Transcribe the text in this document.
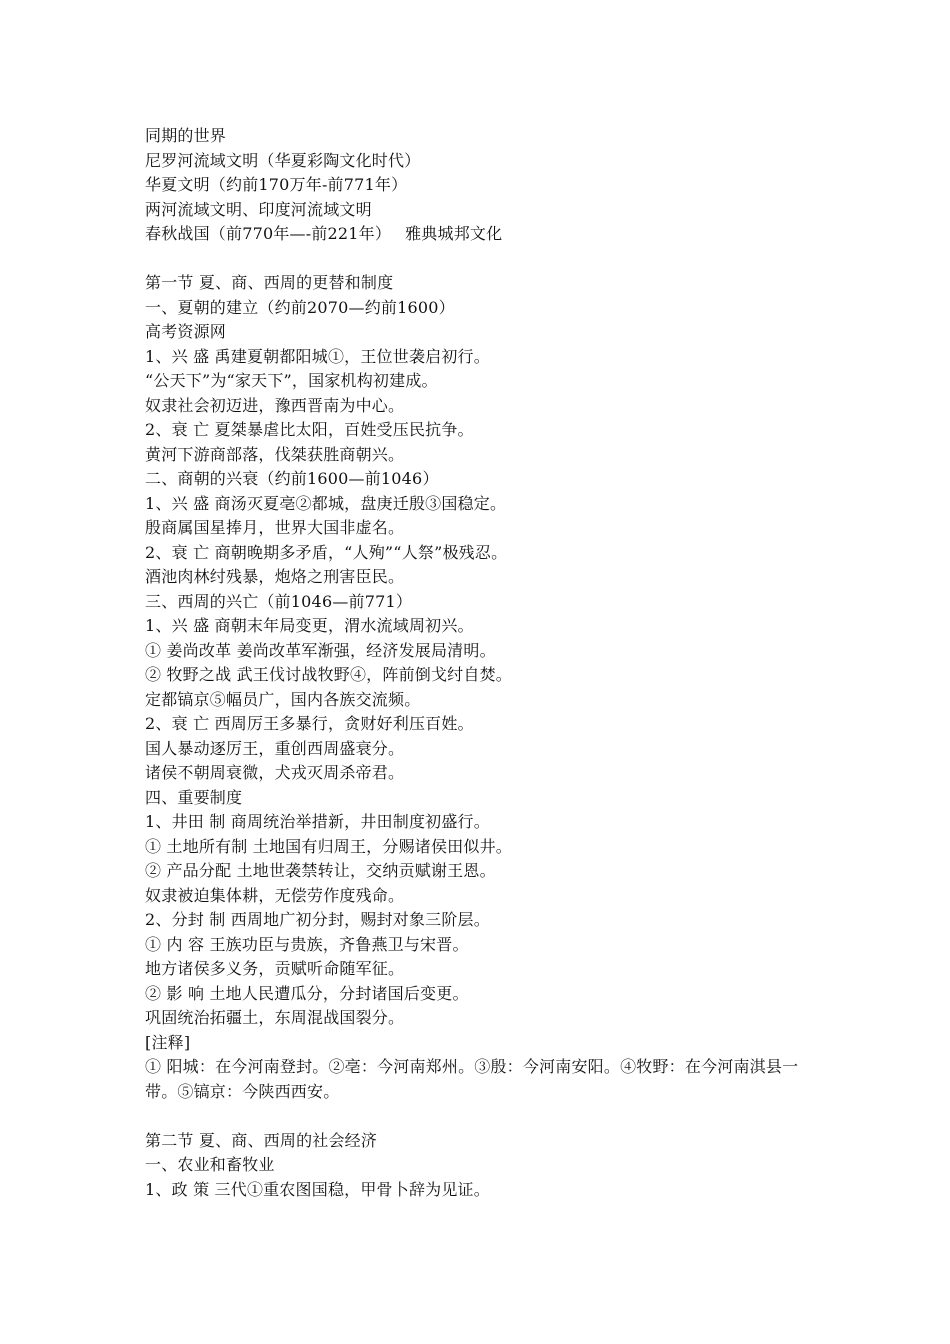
同期的世界
尼罗河流域文明（华夏彩陶文化时代）
华夏文明（约前170万年-前771年）
两河流域文明、印度河流域文明
春秋战国（前770年—-前221年） 雅典城邦文化
第一节 夏、商、西周的更替和制度
一、夏朝的建立（约前2070—约前1600）
高考资源网
1、兴 盛 禹建夏朝都阳城①，王位世袭启初行。
“公天下”为“家天下”，国家机构初建成。
奴隶社会初迈进，豫西晋南为中心。
2、衰 亡 夏桀暴虐比太阳，百姓受压民抗争。
黄河下游商部落，伐桀获胜商朝兴。
二、商朝的兴衰（约前1600—前1046）
1、兴 盛 商汤灭夏亳②都城，盘庚迁殷③国稳定。
殷商属国星捧月，世界大国非虚名。
2、衰 亡 商朝晚期多矛盾，“人殉”“人祭”极残忍。
酒池肉林纣残暴，炮烙之刑害臣民。
三、西周的兴亡（前1046—前771）
1、兴 盛 商朝末年局变更，渭水流域周初兴。
① 姜尚改革 姜尚改革军渐强，经济发展局清明。
② 牧野之战 武王伐讨战牧野④，阵前倒戈纣自焚。
定都镐京⑤幅员广，国内各族交流频。
2、衰 亡 西周厉王多暴行，贪财好利压百姓。
国人暴动逐厉王，重创西周盛衰分。
诸侯不朝周衰微，犬戎灭周杀帝君。
四、重要制度
1、井田 制 商周统治举措新，井田制度初盛行。
① 土地所有制 土地国有归周王，分赐诸侯田似井。
② 产品分配 土地世袭禁转让，交纳贡赋谢王恩。
奴隶被迫集体耕，无偿劳作度残命。
2、分封 制 西周地广初分封，赐封对象三阶层。
① 内 容 王族功臣与贵族，齐鲁燕卫与宋晋。
地方诸侯多义务，贡赋听命随军征。
② 影 响 土地人民遭瓜分，分封诸国后变更。
巩固统治拓疆土，东周混战国裂分。
[注释]
① 阳城：在今河南登封。②亳：今河南郑州。③殷：今河南安阳。④牧野：在今河南淇县一带。⑤镐京：今陕西西安。
第二节 夏、商、西周的社会经济
一、农业和畜牧业
1、政 策 三代①重农图国稳，甲骨卜辞为见证。
